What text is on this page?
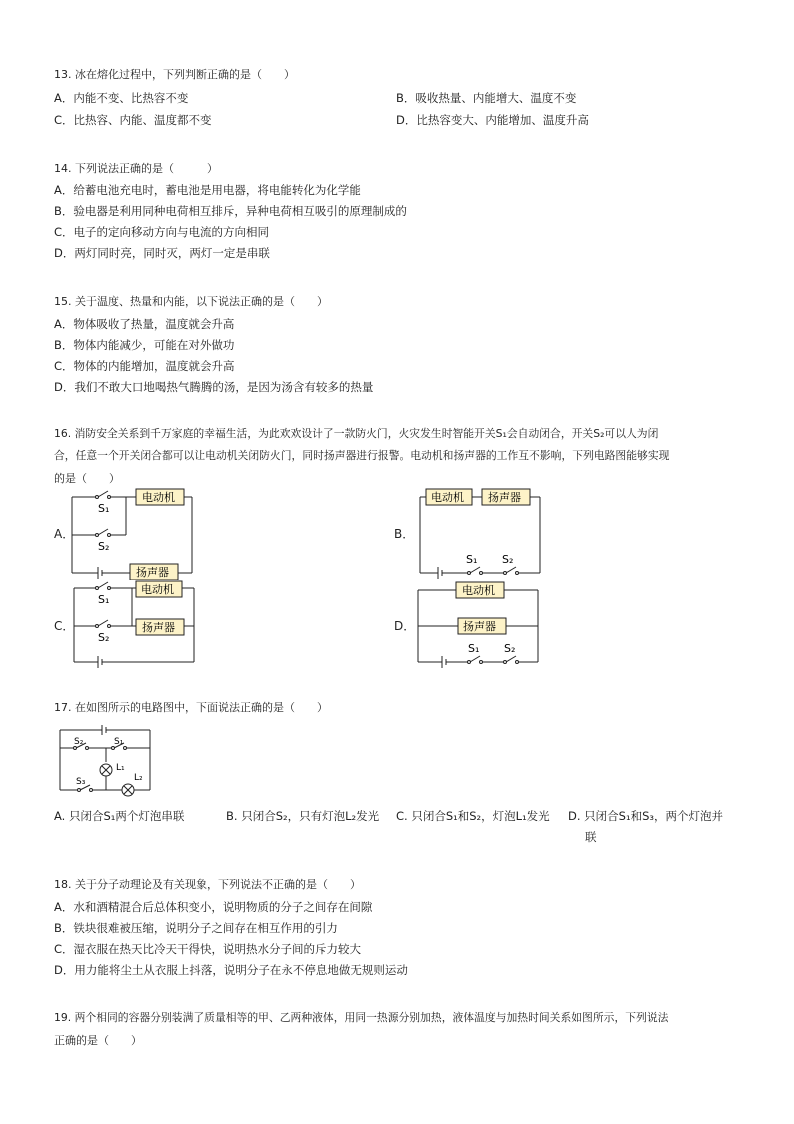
13. 冰在熔化过程中，下列判断正确的是（　　）
A．内能不变、比热容不变	B．吸收热量、内能增大、温度不变
C．比热容、内能、温度都不变	D．比热容变大、内能增加、温度升高
14. 下列说法正确的是（　　　）
A．给蓄电池充电时，蓄电池是用电器，将电能转化为化学能
B．验电器是利用同种电荷相互排斥，异种电荷相互吸引的原理制成的
C．电子的定向移动方向与电流的方向相同
D．两灯同时亮，同时灭，两灯一定是串联
15. 关于温度、热量和内能，以下说法正确的是（　　）
A．物体吸收了热量，温度就会升高
B．物体内能减少，可能在对外做功
C．物体的内能增加，温度就会升高
D．我们不敢大口地喝热气腾腾的汤，是因为汤含有较多的热量
16. 消防安全关系到千万家庭的幸福生活，为此欢欢设计了一款防火门，火灾发生时智能开关S₁会自动闭合，开关S₂可以人为闭
合，任意一个开关闭合都可以让电动机关闭防火门，同时扬声器进行报警。电动机和扬声器的工作互不影响，下列电路图能够实现
的是（　　）
A．	B．
C．	D．
电动机
扬声器
S₁
S₂
电动机 扬声器
S₁ S₂
电动机
扬声器
S₁
S₂
电动机
扬声器
S₁ S₂
17. 在如图所示的电路图中，下面说法正确的是（　　）
S₂	S₁
S₃
L₁
L₂
A. 只闭合S₁两个灯泡串联	B. 只闭合S₂，只有灯泡L₂发光 C. 只闭合S₁和S₂，灯泡L₁发光 D. 只闭合S₁和S₃，两个灯泡并
联
18. 关于分子动理论及有关现象，下列说法不正确的是（　　）
A．水和酒精混合后总体积变小，说明物质的分子之间存在间隙
B．铁块很难被压缩，说明分子之间存在相互作用的引力
C．湿衣服在热天比冷天干得快，说明热水分子间的斥力较大
D．用力能将尘土从衣服上抖落，说明分子在永不停息地做无规则运动
19. 两个相同的容器分别装满了质量相等的甲、乙两种液体，用同一热源分别加热，液体温度与加热时间关系如图所示，下列说法
正确的是（　　）
